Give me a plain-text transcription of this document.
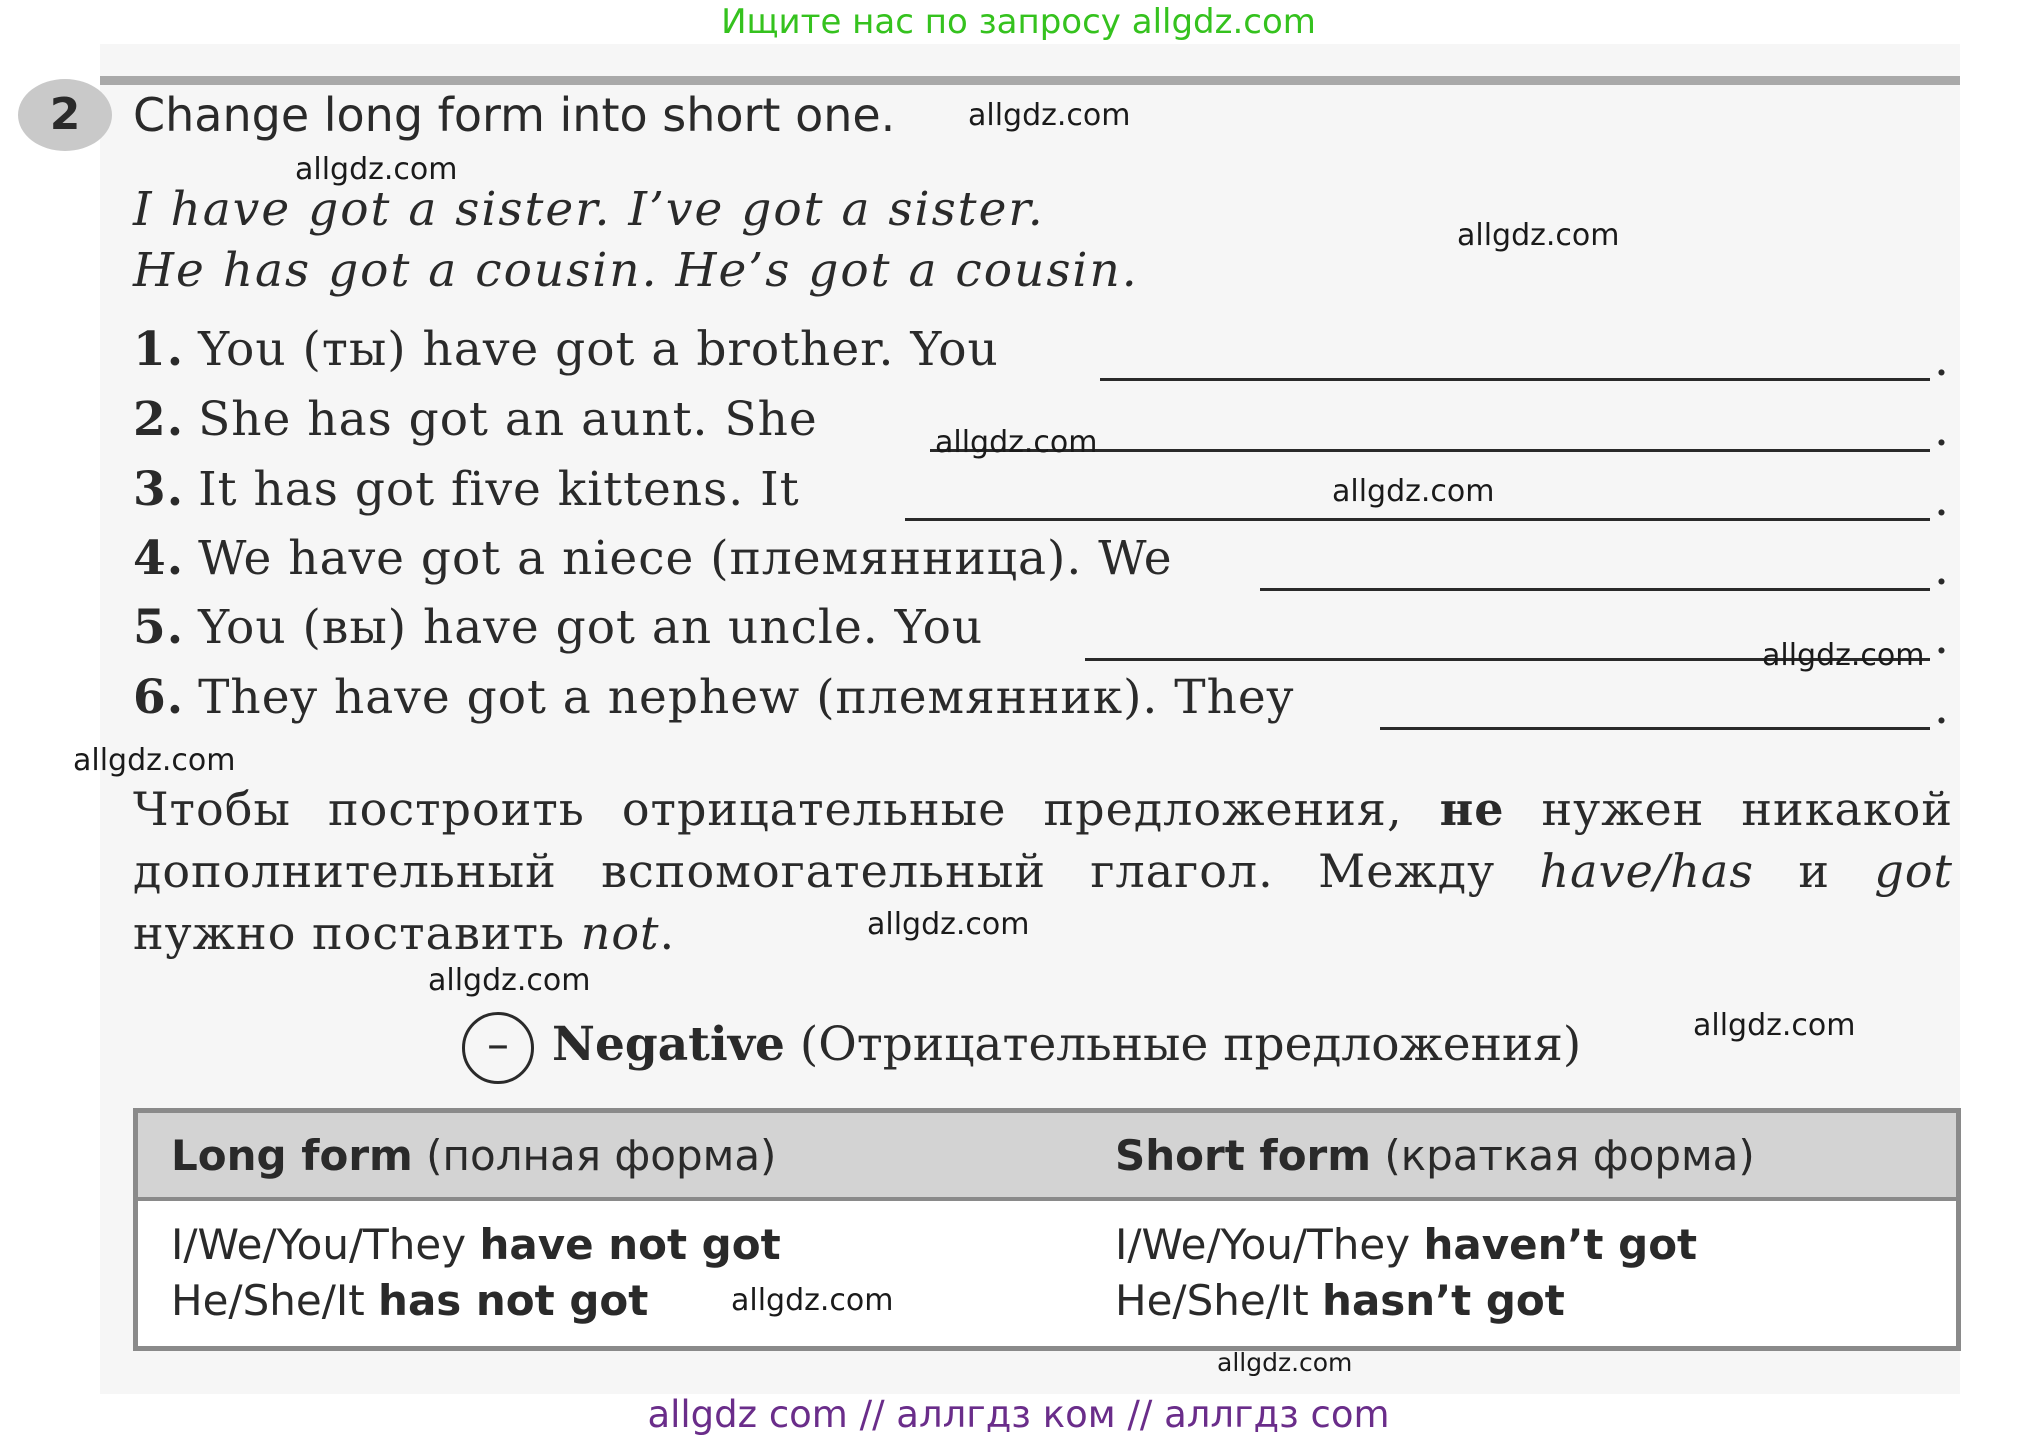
Ищите нас по запросу allgdz.com
2	Change long form into short one.
I have got a sister. I’ve got a sister.
He has got a cousin. He’s got a cousin.
1. You (ты) have got a brother. You	.
2. She has got an aunt. She	.
3. It has got five kittens. It	.
4. We have got a niece (племянница). We	.
5. You (вы) have got an uncle. You	.
6. They have got a nephew (племянник). They	.
Чтобы построить отрицательные предложения, не нужен никакой дополнительный вспомогательный глагол. Между have/has и got нужно поставить not.
– Negative (Отрицательные предложения)
Long form (полная форма)	Short form (краткая форма)
I/We/You/They have not got	I/We/You/They haven’t got
He/She/It has not got	He/She/It hasn’t got
allgdz.com
allgdz.com
allgdz.com
allgdz.com
allgdz.com
allgdz.com
allgdz.com
allgdz.com
allgdz.com
allgdz.com
allgdz.com
allgdz.com
allgdz com // аллгдз ком // аллгдз com
